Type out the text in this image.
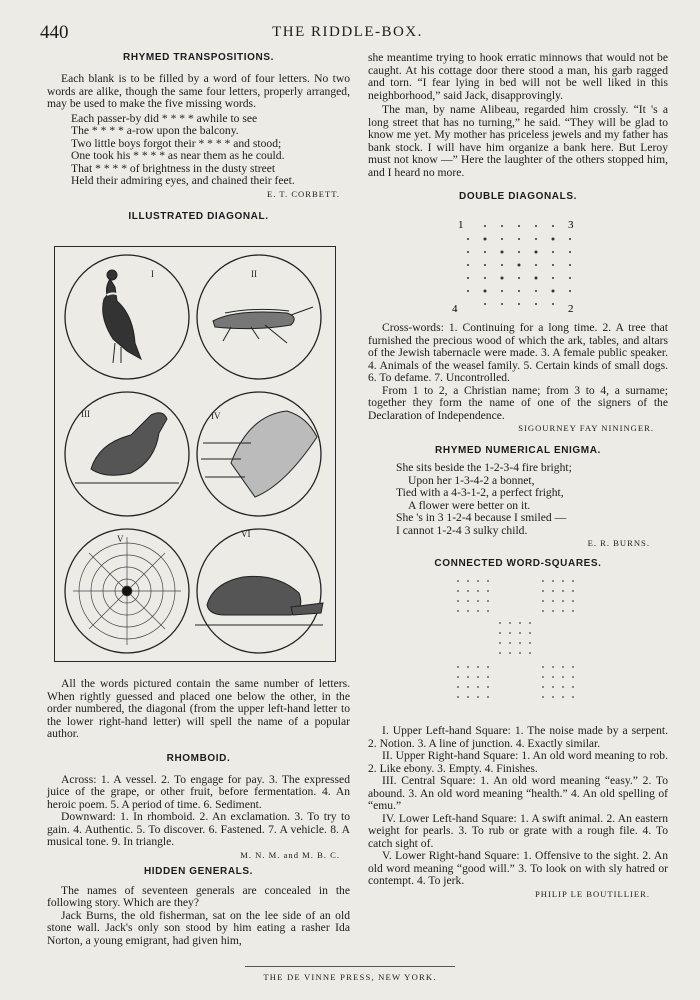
440	THE RIDDLE-BOX.
RHYMED TRANSPOSITIONS.

Each blank is to be filled by a word of four letters. No two words are alike, though the same four letters, properly arranged, may be used to make the five missing words.

Each passer-by did * * * * awhile to see

The * * * * a-row upon the balcony.

Two little boys forgot their * * * * and stood;

One took his * * * * as near them as he could.

That * * * * of brightness in the dusty street

Held their admiring eyes, and chained their feet.

E. T. CORBETT.
ILLUSTRATED DIAGONAL.
I	II
III	IV
V	VI

All the words pictured contain the same number of letters. When rightly guessed and placed one below the other, in the order numbered, the diagonal (from the upper left-hand letter to the lower right-hand letter) will spell the name of a popular author.

RHOMBOID.

Across: 1. A vessel. 2. To engage for pay. 3. The expressed juice of the grape, or other fruit, before fermentation. 4. An heroic poem. 5. A period of time. 6. Sediment.

Downward: 1. In rhomboid. 2. An exclamation. 3. To try to gain. 4. Authentic. 5. To discover. 6. Fastened. 7. A vehicle. 8. A musical tone. 9. In triangle.

M. N. M. and M. B. C.
HIDDEN GENERALS.

The names of seventeen generals are concealed in the following story. Which are they?

Jack Burns, the old fisherman, sat on the lee side of an old stone wall. Jack's only son stood by him eating a rasher Ida Norton, a young emigrant, had given him,

she meantime trying to hook erratic minnows that would not be caught. At his cottage door there stood a man, his garb ragged and torn. “I fear lying in bed will not be well liked in this neighborhood,” said Jack, disapprovingly.

The man, by name Alibeau, regarded him crossly. “It 's a long street that has no turning,” he said. “They will be glad to know me yet. My mother has priceless jewels and my father has bank stock. I will have him organize a bank here. But Leroy must not know —” Here the laughter of the others stopped him, and I heard no more.

DOUBLE DIAGONALS.
1	3
4	2

Cross-words: 1. Continuing for a long time. 2. A tree that furnished the precious wood of which the ark, tables, and altars of the Jewish tabernacle were made. 3. A female public speaker. 4. Animals of the weasel family. 5. Certain kinds of small dogs. 6. To defame. 7. Uncontrolled.

From 1 to 2, a Christian name; from 3 to 4, a surname; together they form the name of one of the signers of the Declaration of Independence.

SIGOURNEY FAY NININGER.
RHYMED NUMERICAL ENIGMA.

She sits beside the 1-2-3-4 fire bright;

Upon her 1-3-4-2 a bonnet,

Tied with a 4-3-1-2, a perfect fright,

A flower were better on it.

She 's in 3 1-2-4 because I smiled —

I cannot 1-2-4 3 sulky child.

E. R. BURNS.
CONNECTED WORD-SQUARES.

I. Upper Left-hand Square: 1. The noise made by a serpent. 2. Notion. 3. A line of junction. 4. Exactly similar.

II. Upper Right-hand Square: 1. An old word meaning to rob. 2. Like ebony. 3. Empty. 4. Finishes.

III. Central Square: 1. An old word meaning “easy.” 2. To abound. 3. An old word meaning “health.” 4. An old spelling of “emu.”

IV. Lower Left-hand Square: 1. A swift animal. 2. An eastern weight for pearls. 3. To rub or grate with a rough file. 4. To catch sight of.

V. Lower Right-hand Square: 1. Offensive to the sight. 2. An old word meaning “good will.” 3. To look on with sly hatred or contempt. 4. To jerk.

PHILIP LE BOUTILLIER.
THE DE VINNE PRESS, NEW YORK.
